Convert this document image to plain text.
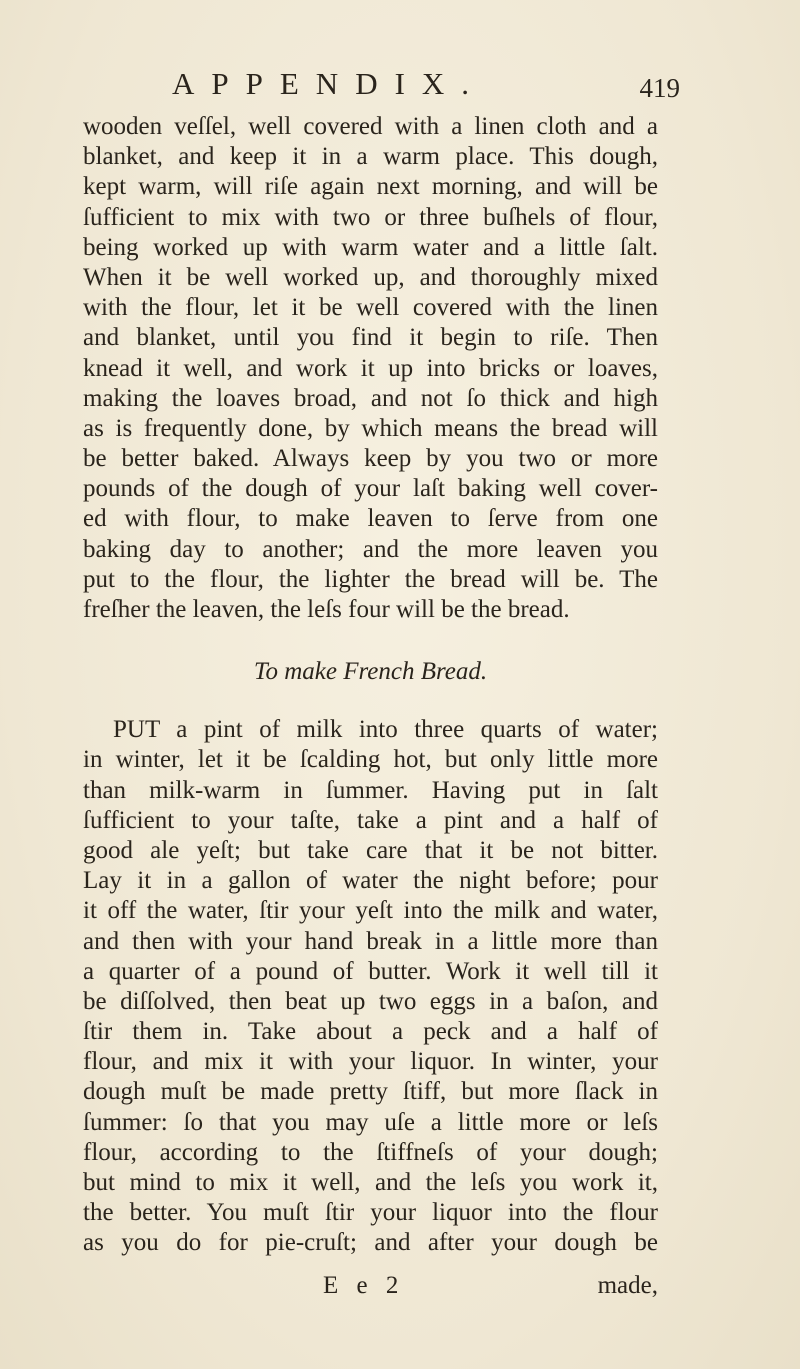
APPENDIX.	419
wooden veſſel, well covered with a linen cloth and a
blanket, and keep it in a warm place. This dough,
kept warm, will riſe again next morning, and will be
ſufficient to mix with two or three buſhels of flour,
being worked up with warm water and a little ſalt.
When it be well worked up, and thoroughly mixed
with the flour, let it be well covered with the linen
and blanket, until you find it begin to riſe. Then
knead it well, and work it up into bricks or loaves,
making the loaves broad, and not ſo thick and high
as is frequently done, by which means the bread will
be better baked. Always keep by you two or more
pounds of the dough of your laſt baking well cover-
ed with flour, to make leaven to ſerve from one
baking day to another; and the more leaven you
put to the flour, the lighter the bread will be. The
freſher the leaven, the leſs four will be the bread.
To make French Bread.
PUT a pint of milk into three quarts of water;
in winter, let it be ſcalding hot, but only little more
than milk-warm in ſummer. Having put in ſalt
ſufficient to your taſte, take a pint and a half of
good ale yeſt; but take care that it be not bitter.
Lay it in a gallon of water the night before; pour
it off the water, ſtir your yeſt into the milk and water,
and then with your hand break in a little more than
a quarter of a pound of butter. Work it well till it
be diſſolved, then beat up two eggs in a baſon, and
ſtir them in. Take about a peck and a half of
flour, and mix it with your liquor. In winter, your
dough muſt be made pretty ſtiff, but more ſlack in
ſummer: ſo that you may uſe a little more or leſs
flour, according to the ſtiffneſs of your dough;
but mind to mix it well, and the leſs you work it,
the better. You muſt ſtir your liquor into the flour
as you do for pie-cruſt; and after your dough be
E e 2	made,
